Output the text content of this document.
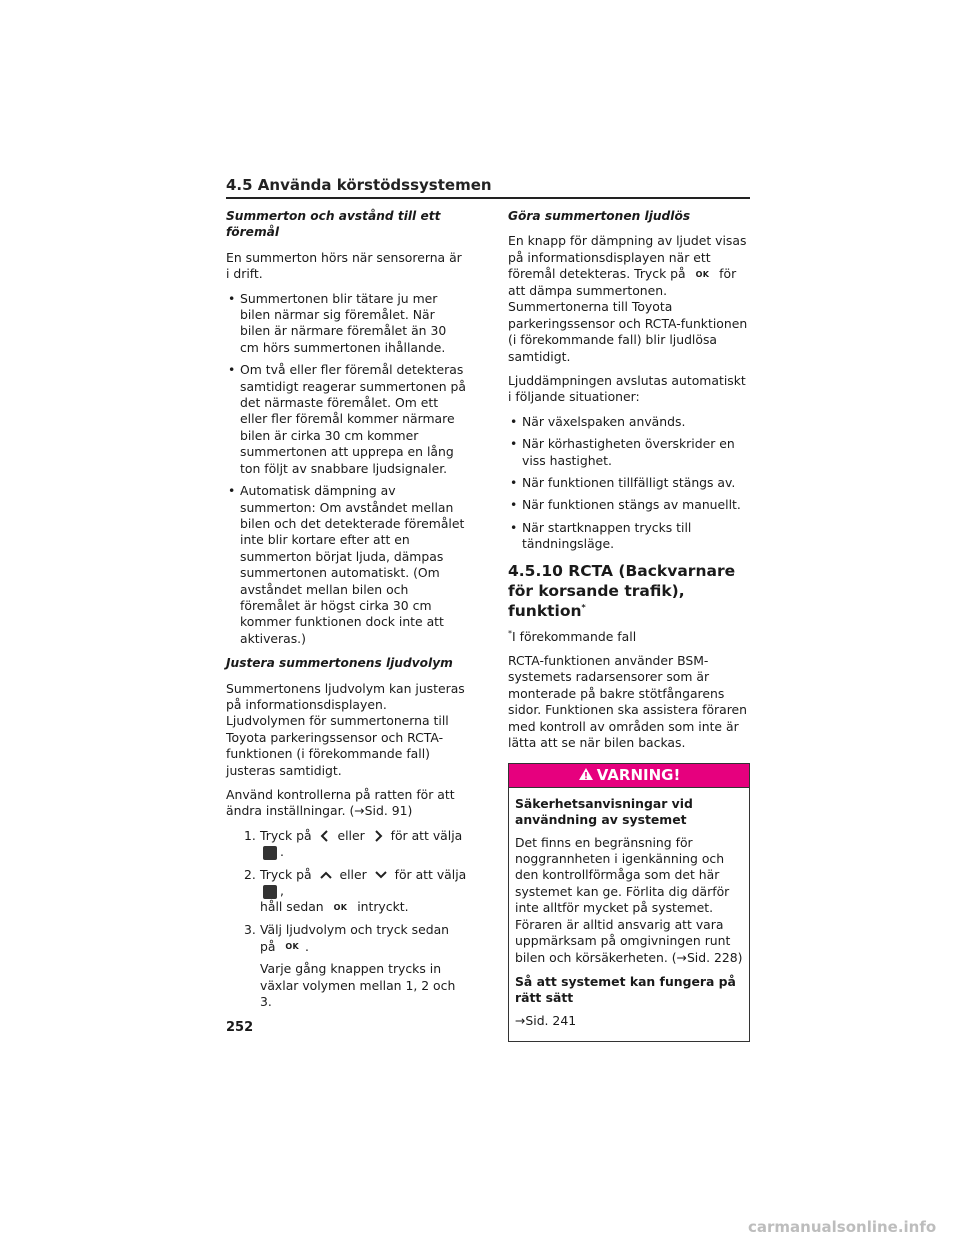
4.5 Använda körstödssystemen
Summerton och avstånd till ett föremål

En summerton hörs när sensorerna är i drift.

• Summertonen blir tätare ju mer bilen närmar sig föremålet. När bilen är närmare föremålet än 30 cm hörs summertonen ihållande.
• Om två eller fler föremål detekteras samtidigt reagerar summertonen på det närmaste föremålet. Om ett eller fler föremål kommer närmare bilen är cirka 30 cm kommer summertonen att upprepa en lång ton följt av snabbare ljudsignaler.
• Automatisk dämpning av summerton: Om avståndet mellan bilen och det detekterade föremålet inte blir kortare efter att en summerton börjat ljuda, dämpas summertonen automatiskt. (Om avståndet mellan bilen och föremålet är högst cirka 30 cm kommer funktionen dock inte att aktiveras.)
Justera summertonens ljudvolym

Summertonens ljudvolym kan justeras på informationsdisplayen. Ljudvolymen för summertonerna till Toyota parkeringssensor och RCTA-funktionen (i förekommande fall) justeras samtidigt.

Använd kontrollerna på ratten för att ändra inställningar. (→Sid. 91)

1. Tryck på eller för att välja .
2. Tryck på eller för att välja ,
håll sedan OK intryckt.
3. Välj ljudvolym och tryck sedan på OK .

Varje gång knappen trycks in växlar volymen mellan 1, 2 och 3.

Göra summertonen ljudlös

En knapp för dämpning av ljudet visas på informationsdisplayen när ett föremål detekteras. Tryck på OK för att dämpa summertonen. Summertonerna till Toyota parkeringssensor och RCTA-funktionen (i förekommande fall) blir ljudlösa samtidigt.

Ljuddämpningen avslutas automatiskt i följande situationer:

• När växelspaken används.
• När körhastigheten överskrider en viss hastighet.
• När funktionen tillfälligt stängs av.
• När funktionen stängs av manuellt.
• När startknappen trycks till tändningsläge.
4.5.10 RCTA (Backvarnare för korsande trafik), funktion*

*I förekommande fall

RCTA-funktionen använder BSM-systemets radarsensorer som är monterade på bakre stötfångarens sidor. Funktionen ska assistera föraren med kontroll av områden som inte är lätta att se när bilen backas.

VARNING!
Säkerhetsanvisningar vid användning av systemet

Det finns en begränsning för noggrannheten i igenkänning och den kontrollförmåga som det här systemet kan ge. Förlita dig därför inte alltför mycket på systemet. Föraren är alltid ansvarig att vara uppmärksam på omgivningen runt bilen och körsäkerheten. (→Sid. 228)

Så att systemet kan fungera på rätt sätt

→Sid. 241

252
carmanualsonline.info
